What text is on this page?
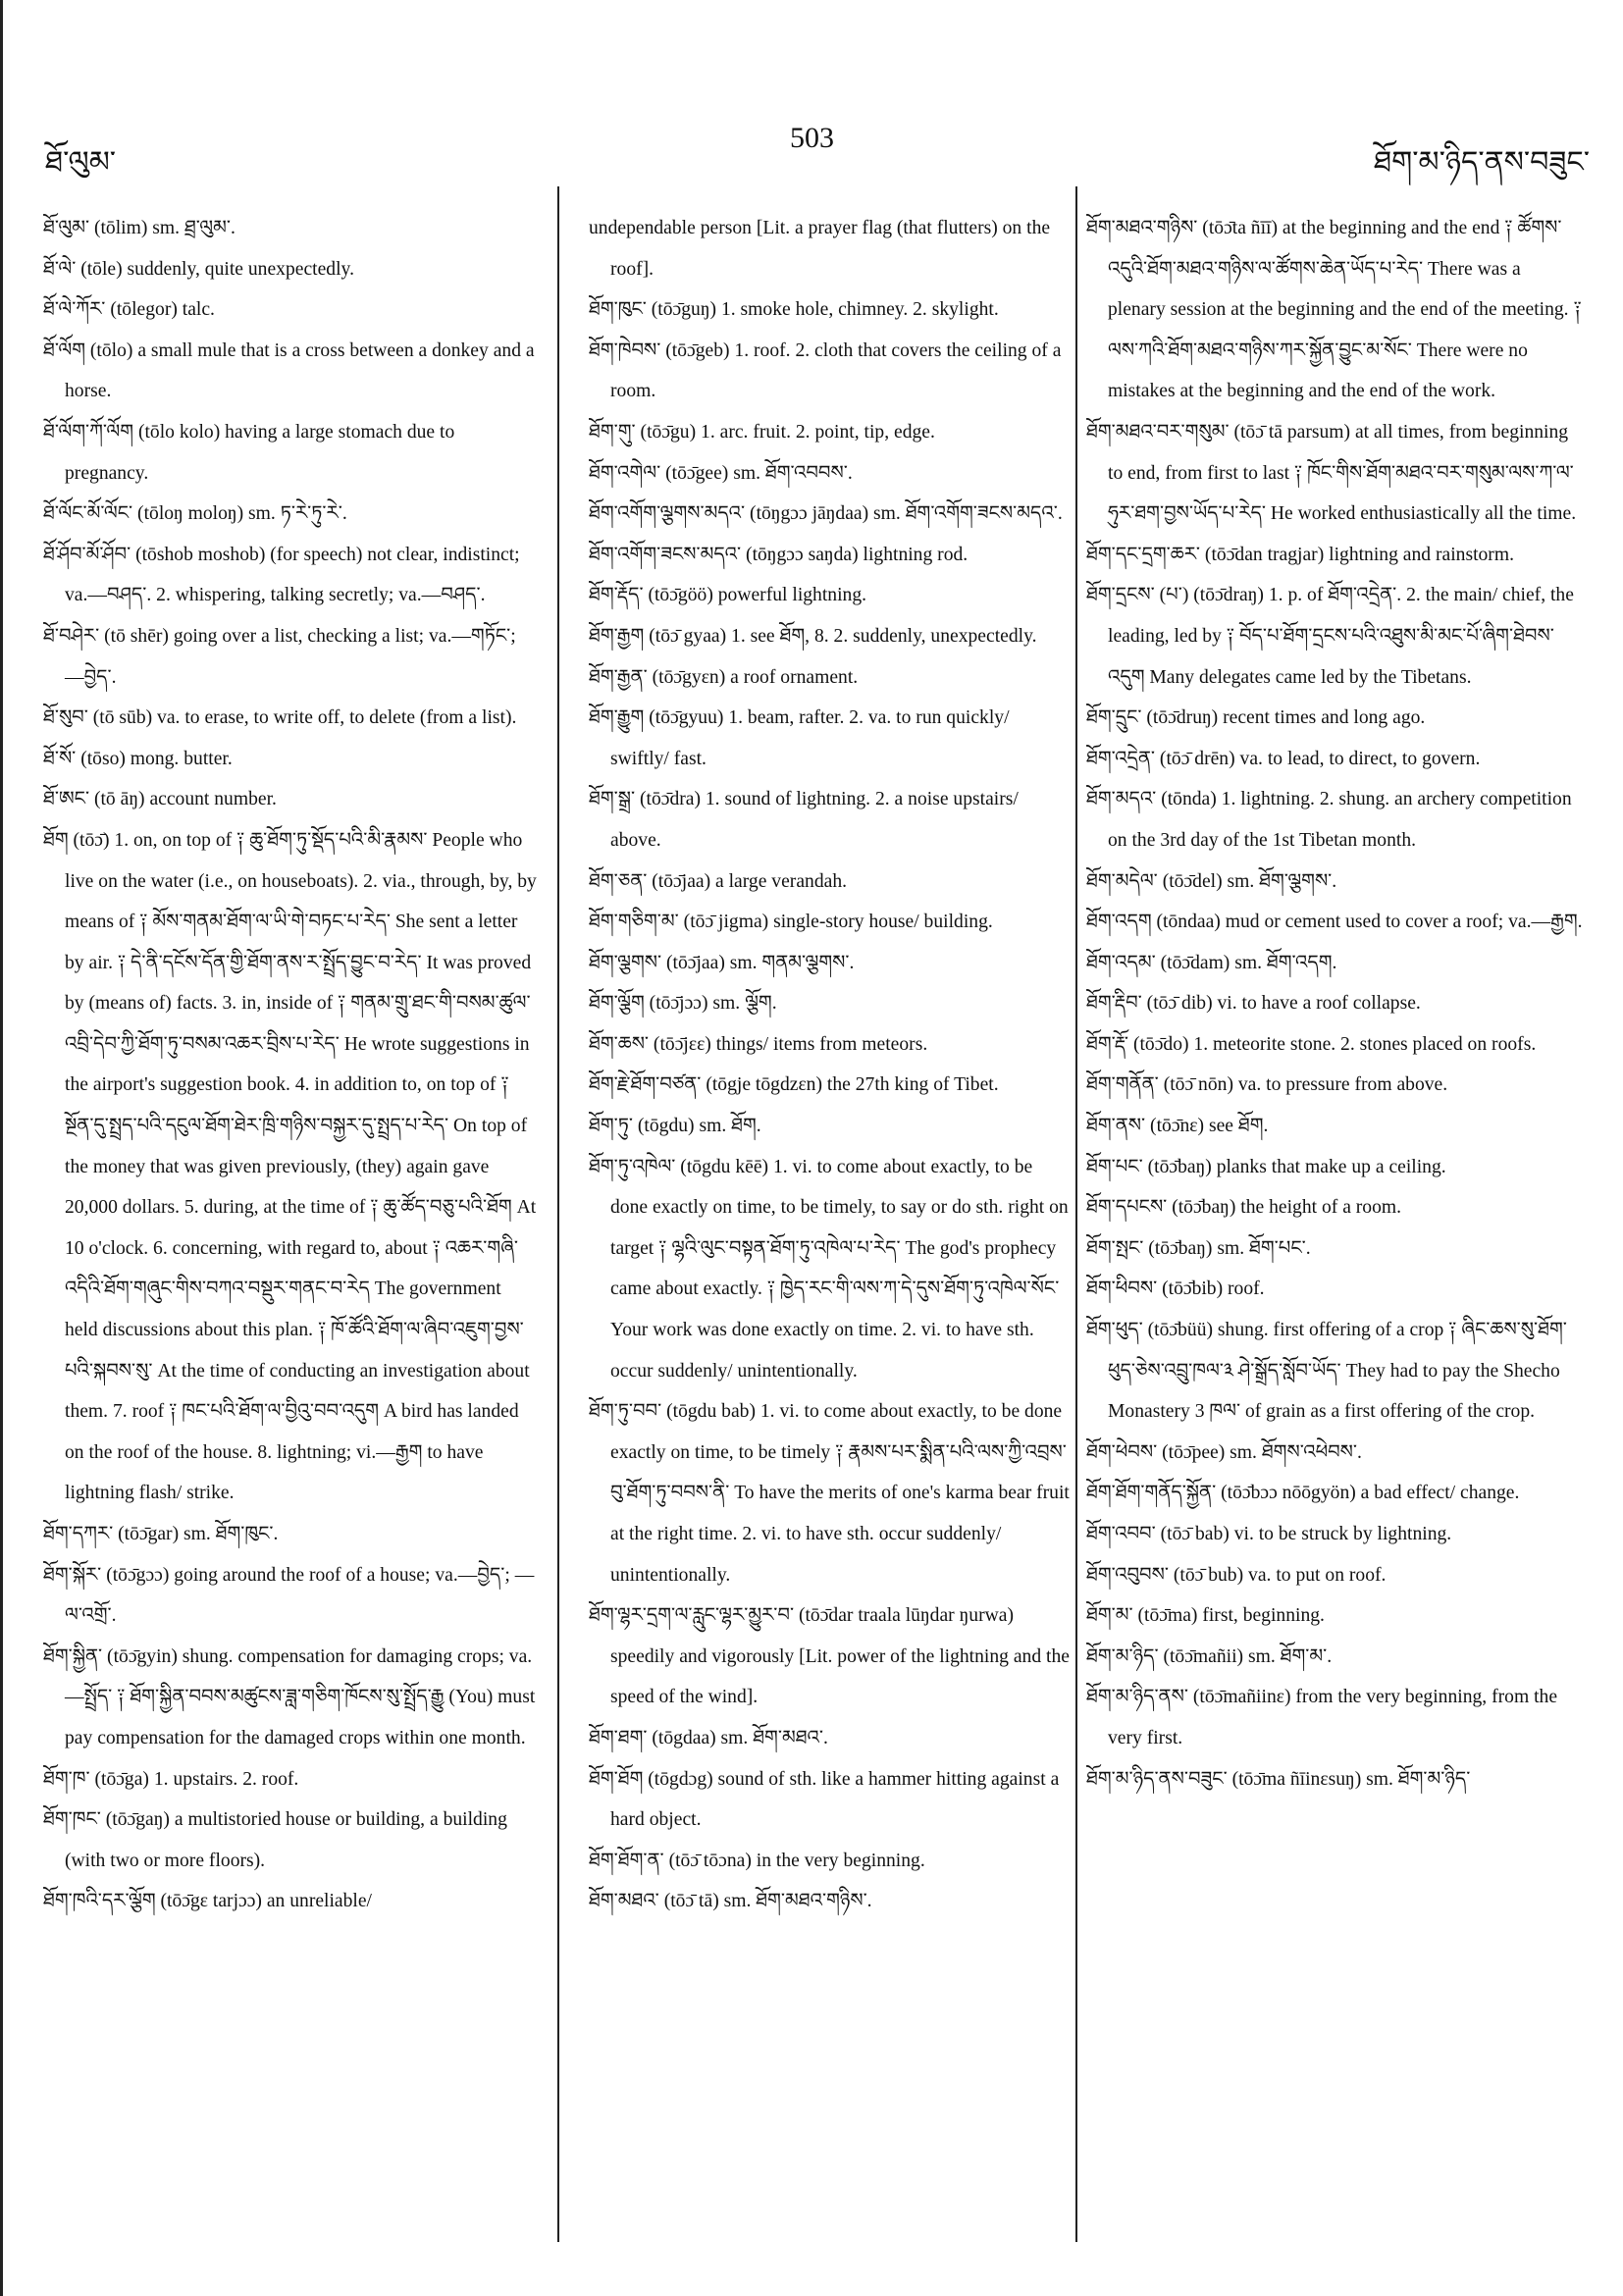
ཐོ་ལུམ་
503
ཐོག་མ་ཉིད་ནས་བཟུང་

ཐོ་ལུམ་ (tōlim) sm. ཐྲ་ལུམ་.

ཐོ་ལེ་ (tōle) suddenly, quite unexpectedly.

ཐོ་ལེ་ཀོར་ (tōlegor) talc.

ཐོ་ལོག (tōlo) a small mule that is a cross between a donkey and a horse.

ཐོ་ལོག་ཀོ་ལོག (tōlo kolo) having a large stomach due to pregnancy.

ཐོ་ལོང་མོ་ལོང་ (tōloŋ moloŋ) sm. ཏ་རེ་ཏུ་རེ་.

ཐོ་ཤོབ་མོ་ཤོབ་ (tōshob moshob) (for speech) not clear, indistinct; va.—བཤད་. 2. whispering, talking secretly; va.—བཤད་.

ཐོ་བཤེར་ (tō shēr) going over a list, checking a list; va.—གཏོང་; —བྱེད་.

ཐོ་སུབ་ (tō sūb) va. to erase, to write off, to delete (from a list).

ཐོ་སོ་ (tōso) mong. butter.

ཐོ་ཨང་ (tō āŋ) account number.

ཐོག (tōɔ̄) 1. on, on top of ༑ ཆུ་ཐོག་ཏུ་སྡོད་པའི་མི་རྣམས་ People who live on the water (i.e., on houseboats). 2. via., through, by, by means of ༑ མོས་གནམ་ཐོག་ལ་ཡི་གེ་བཏང་པ་རེད་ She sent a letter by air. ༑ དེ་ནི་དངོས་དོན་གྱི་ཐོག་ནས་ར་སྤྲོད་བྱུང་བ་རེད་ It was proved by (means of) facts. 3. in, inside of ༑ གནམ་གྲུ་ཐང་གི་བསམ་ཚུལ་འབྲི་དེབ་ཀྱི་ཐོག་ཏུ་བསམ་འཆར་བྲིས་པ་རེད་ He wrote suggestions in the airport's suggestion book. 4. in addition to, on top of ༑ སྔོན་དུ་སྤྲད་པའི་དངུལ་ཐོག་ཐེར་ཁྲི་གཉིས་བསྐྱར་དུ་སྤྲད་པ་རེད་ On top of the money that was given previously, (they) again gave 20,000 dollars. 5. during, at the time of ༑ ཆུ་ཚོད་བཅུ་པའི་ཐོག At 10 o'clock. 6. concerning, with regard to, about ༑ འཆར་གཞི་འདིའི་ཐོག་གཞུང་གིས་བཀའ་བསྡུར་གནང་བ་རེད The government held discussions about this plan. ༑ ཁོ་ཚོའི་ཐོག་ལ་ཞིབ་འཇུག་བྱས་པའི་སྐབས་སུ་ At the time of conducting an investigation about them. 7. roof ༑ ཁང་པའི་ཐོག་ལ་བྱིའུ་བབ་འདུག A bird has landed on the roof of the house. 8. lightning; vi.—རྒྱག to have lightning flash/ strike.

ཐོག་དཀར་ (tōɔ̄gar) sm. ཐོག་ཁུང་.

ཐོག་སྐོར་ (tōɔ̄gɔɔ) going around the roof of a house; va.—བྱེད་; —ལ་འགྲོ་.

ཐོག་སྐྱིན་ (tōɔ̄gyin) shung. compensation for damaging crops; va.—སྤྲོད་ ༑ ཐོག་སྐྱིན་བབས་མཚུངས་ཟླ་གཅིག་ཁོངས་སུ་སྤྲོད་རྒྱུ (You) must pay compensation for the damaged crops within one month.

ཐོག་ཁ་ (tōɔ̄ga) 1. upstairs. 2. roof.

ཐོག་ཁང་ (tōɔ̄gaŋ) a multistoried house or building, a building (with two or more floors).

ཐོག་ཁའི་དར་ལྕོག (tōɔ̄gɛ tarjɔɔ) an unreliable/

undependable person [Lit. a prayer flag (that flutters) on the roof].

ཐོག་ཁུང་ (tōɔ̄guŋ) 1. smoke hole, chimney. 2. skylight.

ཐོག་ཁེབས་ (tōɔ̄geb) 1. roof. 2. cloth that covers the ceiling of a room.

ཐོག་གུ་ (tōɔ̄gu) 1. arc. fruit. 2. point, tip, edge.

ཐོག་འགེལ་ (tōɔ̄gee) sm. ཐོག་འབབས་.

ཐོག་འགོག་ལྕགས་མདའ་ (tōŋgɔɔ jāŋdaa) sm. ཐོག་འགོག་ཟངས་མདའ་.

ཐོག་འགོག་ཟངས་མདའ་ (tōŋgɔɔ saŋda) lightning rod.

ཐོག་རྡོད་ (tōɔ̄göö) powerful lightning.

ཐོག་རྒྱག (tōɔ̄ gyaa) 1. see ཐོག, 8. 2. suddenly, unexpectedly.

ཐོག་རྒྱན་ (tōɔ̄gyɛn) a roof ornament.

ཐོག་རྒྱུག (tōɔ̄gyuu) 1. beam, rafter. 2. va. to run quickly/ swiftly/ fast.

ཐོག་སྒྲ་ (tōɔ̄dra) 1. sound of lightning. 2. a noise upstairs/ above.

ཐོག་ཅན་ (tōɔ̄jaa) a large verandah.

ཐོག་གཅིག་མ་ (tōɔ̄ jigma) single-story house/ building.

ཐོག་ལྕགས་ (tōɔ̄jaa) sm. གནམ་ལྕགས་.

ཐོག་ལྕོག (tōɔ̄jɔɔ) sm. ལྕོག.

ཐོག་ཆས་ (tōɔ̄jɛɛ) things/ items from meteors.

ཐོག་རྗེ་ཐོག་བཙན་ (tōgje tōgdzɛn) the 27th king of Tibet.

ཐོག་ཏུ་ (tōgdu) sm. ཐོག.

ཐོག་ཏུ་འཁེལ་ (tōgdu kēē) 1. vi. to come about exactly, to be done exactly on time, to be timely, to say or do sth. right on target ༑ ལྷའི་ལུང་བསྟན་ཐོག་ཏུ་འཁེལ་པ་རེད་ The god's prophecy came about exactly. ༑ ཁྱེད་རང་གི་ལས་ཀ་དེ་དུས་ཐོག་ཏུ་འཁེལ་སོང་ Your work was done exactly on time. 2. vi. to have sth. occur suddenly/ unintentionally.

ཐོག་ཏུ་བབ་ (tōgdu bab) 1. vi. to come about exactly, to be done exactly on time, to be timely ༑ རྣམས་པར་སྨིན་པའི་ལས་ཀྱི་འབྲས་བུ་ཐོག་ཏུ་བབས་ནི་ To have the merits of one's karma bear fruit at the right time. 2. vi. to have sth. occur suddenly/ unintentionally.

ཐོག་ལྷར་དྲག་ལ་རླུང་ལྷར་མྱུར་བ་ (tōɔ̄dar traala lūŋdar ŋurwa) speedily and vigorously [Lit. power of the lightning and the speed of the wind].

ཐོག་ཐག་ (tōgdaa) sm. ཐོག་མཐའ་.

ཐོག་ཐོག (tōgdɔg) sound of sth. like a hammer hitting against a hard object.

ཐོག་ཐོག་ན་ (tōɔ̄ tōɔna) in the very beginning.

ཐོག་མཐའ་ (tōɔ̄ tā) sm. ཐོག་མཐའ་གཉིས་.

ཐོག་མཐའ་གཉིས་ (tōɔ̄ta ñīī) at the beginning and the end ༑ ཚོགས་འདུའི་ཐོག་མཐའ་གཉིས་ལ་ཚོགས་ཆེན་ཡོད་པ་རེད་ There was a plenary session at the beginning and the end of the meeting. ༑ ལས་ཀའི་ཐོག་མཐའ་གཉིས་ཀར་སྐྱོན་བྱུང་མ་སོང་ There were no mistakes at the beginning and the end of the work.

ཐོག་མཐའ་བར་གསུམ་ (tōɔ̄ tā parsum) at all times, from beginning to end, from first to last ༑ ཁོང་གིས་ཐོག་མཐའ་བར་གསུམ་ལས་ཀ་ལ་ཧུར་ཐག་བྱས་ཡོད་པ་རེད་ He worked enthusiastically all the time.

ཐོག་དང་དྲག་ཆར་ (tōɔ̄dan tragjar) lightning and rainstorm.

ཐོག་དྲངས་ (པ་) (tōɔ̄draŋ) 1. p. of ཐོག་འདྲེན་. 2. the main/ chief, the leading, led by ༑ བོད་པ་ཐོག་དྲངས་པའི་འཐུས་མི་མང་པོ་ཞིག་ཐེབས་འདུག Many delegates came led by the Tibetans.

ཐོག་དྲུང་ (tōɔ̄druŋ) recent times and long ago.

ཐོག་འདྲེན་ (tōɔ̄ drēn) va. to lead, to direct, to govern.

ཐོག་མདའ་ (tōnda) 1. lightning. 2. shung. an archery competition on the 3rd day of the 1st Tibetan month.

ཐོག་མདེལ་ (tōɔ̄del) sm. ཐོག་ལྕགས་.

ཐོག་འདག (tōndaa) mud or cement used to cover a roof; va.—རྒྱག.

ཐོག་འདམ་ (tōɔ̄dam) sm. ཐོག་འདག.

ཐོག་རྡིབ་ (tōɔ̄ dib) vi. to have a roof collapse.

ཐོག་རྡོ་ (tōɔ̄do) 1. meteorite stone. 2. stones placed on roofs.

ཐོག་གནོན་ (tōɔ̄ nōn) va. to pressure from above.

ཐོག་ནས་ (tōɔ̄nɛ) see ཐོག.

ཐོག་པང་ (tōɔ̄baŋ) planks that make up a ceiling.

ཐོག་དཔངས་ (tōɔ̄baŋ) the height of a room.

ཐོག་སྤང་ (tōɔ̄baŋ) sm. ཐོག་པང་.

ཐོག་ཕིབས་ (tōɔ̄bib) roof.

ཐོག་ཕུད་ (tōɔ̄büü) shung. first offering of a crop ༑ ཞིང་ཆས་སུ་ཐོག་ཕུད་ཅེས་འབྲུ་ཁལ་༣ ཤེ་སྒྲོད་སློབ་ཡོད་ They had to pay the Shecho Monastery 3 ཁལ་ of grain as a first offering of the crop.

ཐོག་ཕེབས་ (tōɔ̄pee) sm. ཐོགས་འཕེབས་.

ཐོག་ཐོག་གནོད་སྐྱོན་ (tōɔ̄bɔɔ nōōgyön) a bad effect/ change.

ཐོག་འབབ་ (tōɔ̄ bab) vi. to be struck by lightning.

ཐོག་འབུབས་ (tōɔ̄ bub) va. to put on roof.

ཐོག་མ་ (tōɔ̄ma) first, beginning.

ཐོག་མ་ཉིད་ (tōɔ̄mañii) sm. ཐོག་མ་.

ཐོག་མ་ཉིད་ནས་ (tōɔ̄mañiinɛ) from the very beginning, from the very first.

ཐོག་མ་ཉིད་ནས་བཟུང་ (tōɔ̄ma ñīinɛsuŋ) sm. ཐོག་མ་ཉིད་
